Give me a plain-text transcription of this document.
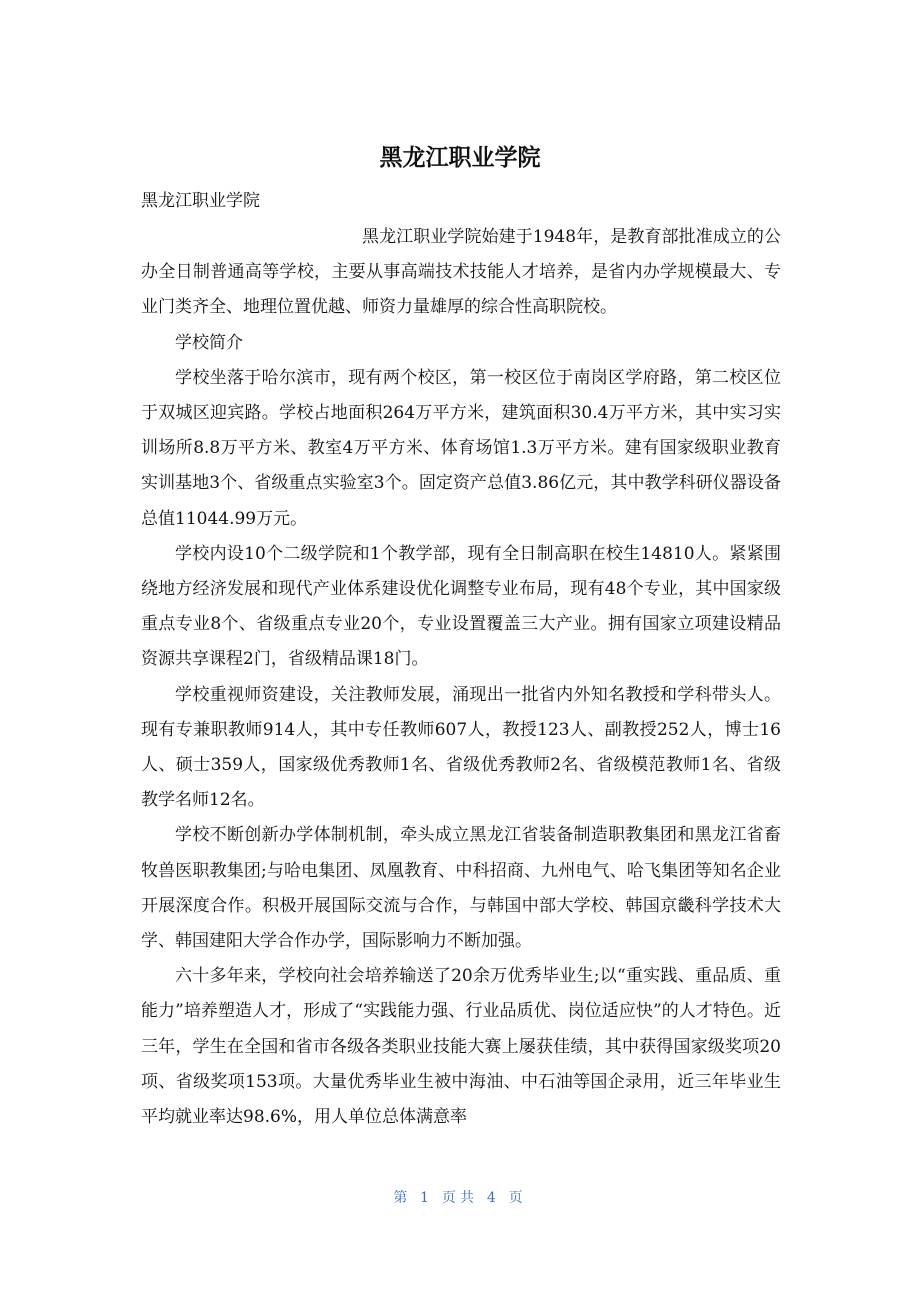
黑龙江职业学院
黑龙江职业学院

黑龙江职业学院始建于1948年，是教育部批准成立的公办全日制普通高等学校，主要从事高端技术技能人才培养，是省内办学规模最大、专业门类齐全、地理位置优越、师资力量雄厚的综合性高职院校。

学校简介

学校坐落于哈尔滨市，现有两个校区，第一校区位于南岗区学府路，第二校区位于双城区迎宾路。学校占地面积264万平方米，建筑面积30.4万平方米，其中实习实训场所8.8万平方米、教室4万平方米、体育场馆1.3万平方米。建有国家级职业教育实训基地3个、省级重点实验室3个。固定资产总值3.86亿元，其中教学科研仪器设备总值11044.99万元。

学校内设10个二级学院和1个教学部，现有全日制高职在校生14810人。紧紧围绕地方经济发展和现代产业体系建设优化调整专业布局，现有48个专业，其中国家级重点专业8个、省级重点专业20个，专业设置覆盖三大产业。拥有国家立项建设精品资源共享课程2门，省级精品课18门。

学校重视师资建设，关注教师发展，涌现出一批省内外知名教授和学科带头人。现有专兼职教师914人，其中专任教师607人，教授123人、副教授252人，博士16人、硕士359人，国家级优秀教师1名、省级优秀教师2名、省级模范教师1名、省级教学名师12名。

学校不断创新办学体制机制，牵头成立黑龙江省装备制造职教集团和黑龙江省畜牧兽医职教集团;与哈电集团、凤凰教育、中科招商、九州电气、哈飞集团等知名企业开展深度合作。积极开展国际交流与合作，与韩国中部大学校、韩国京畿科学技术大学、韩国建阳大学合作办学，国际影响力不断加强。

六十多年来，学校向社会培养输送了20余万优秀毕业生;以“重实践、重品质、重能力”培养塑造人才，形成了“实践能力强、行业品质优、岗位适应快”的人才特色。近三年，学生在全国和省市各级各类职业技能大赛上屡获佳绩，其中获得国家级奖项20项、省级奖项153项。大量优秀毕业生被中海油、中石油等国企录用，近三年毕业生平均就业率达98.6%，用人单位总体满意率

第 1 页共 4 页
